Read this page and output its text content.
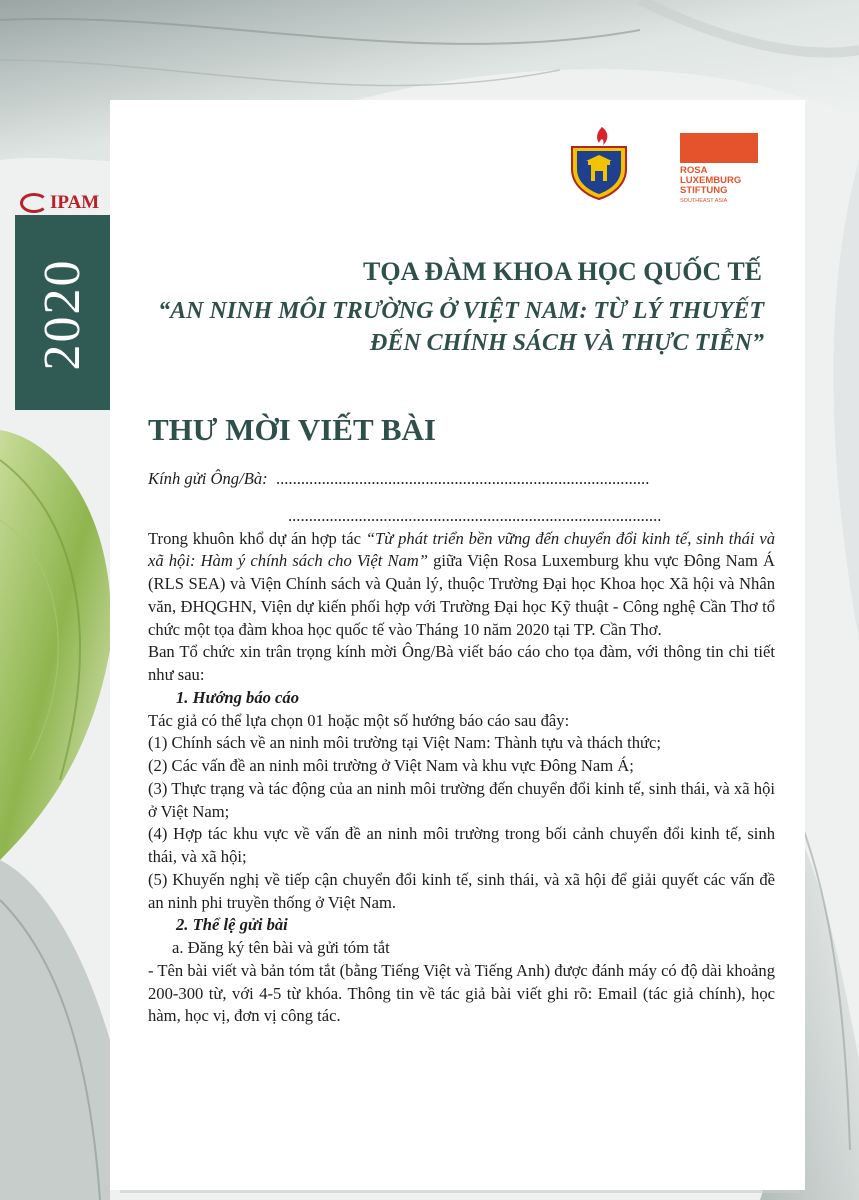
IPAM
2020
ROSA LUXEMBURG STIFTUNG
SOUTHEAST ASIA
TỌA ĐÀM KHOA HỌC QUỐC TẾ
“AN NINH MÔI TRƯỜNG Ở VIỆT NAM: TỪ LÝ THUYẾT
ĐẾN CHÍNH SÁCH VÀ THỰC TIỄN”
THƯ MỜI VIẾT BÀI

Kính gửi Ông/Bà: ..........................................................................................

..........................................................................................

Trong khuôn khổ dự án hợp tác “Từ phát triển bền vững đến chuyển đổi kinh tế, sinh thái và xã hội: Hàm ý chính sách cho Việt Nam” giữa Viện Rosa Luxemburg khu vực Đông Nam Á (RLS SEA) và Viện Chính sách và Quản lý, thuộc Trường Đại học Khoa học Xã hội và Nhân văn, ĐHQGHN, Viện dự kiến phối hợp với Trường Đại học Kỹ thuật - Công nghệ Cần Thơ tổ chức một tọa đàm khoa học quốc tế vào Tháng 10 năm 2020 tại TP. Cần Thơ.

Ban Tổ chức xin trân trọng kính mời Ông/Bà viết báo cáo cho tọa đàm, với thông tin chi tiết như sau:

1. Hướng báo cáo

Tác giả có thể lựa chọn 01 hoặc một số hướng báo cáo sau đây:

(1) Chính sách về an ninh môi trường tại Việt Nam: Thành tựu và thách thức;

(2) Các vấn đề an ninh môi trường ở Việt Nam và khu vực Đông Nam Á;

(3) Thực trạng và tác động của an ninh môi trường đến chuyển đổi kinh tế, sinh thái, và xã hội ở Việt Nam;

(4) Hợp tác khu vực về vấn đề an ninh môi trường trong bối cảnh chuyển đổi kinh tế, sinh thái, và xã hội;

(5) Khuyến nghị về tiếp cận chuyển đổi kinh tế, sinh thái, và xã hội để giải quyết các vấn đề an ninh phi truyền thống ở Việt Nam.

2. Thể lệ gửi bài

a. Đăng ký tên bài và gửi tóm tắt

- Tên bài viết và bản tóm tắt (bằng Tiếng Việt và Tiếng Anh) được đánh máy có độ dài khoảng 200-300 từ, với 4-5 từ khóa. Thông tin về tác giả bài viết ghi rõ: Email (tác giả chính), học hàm, học vị, đơn vị công tác.
